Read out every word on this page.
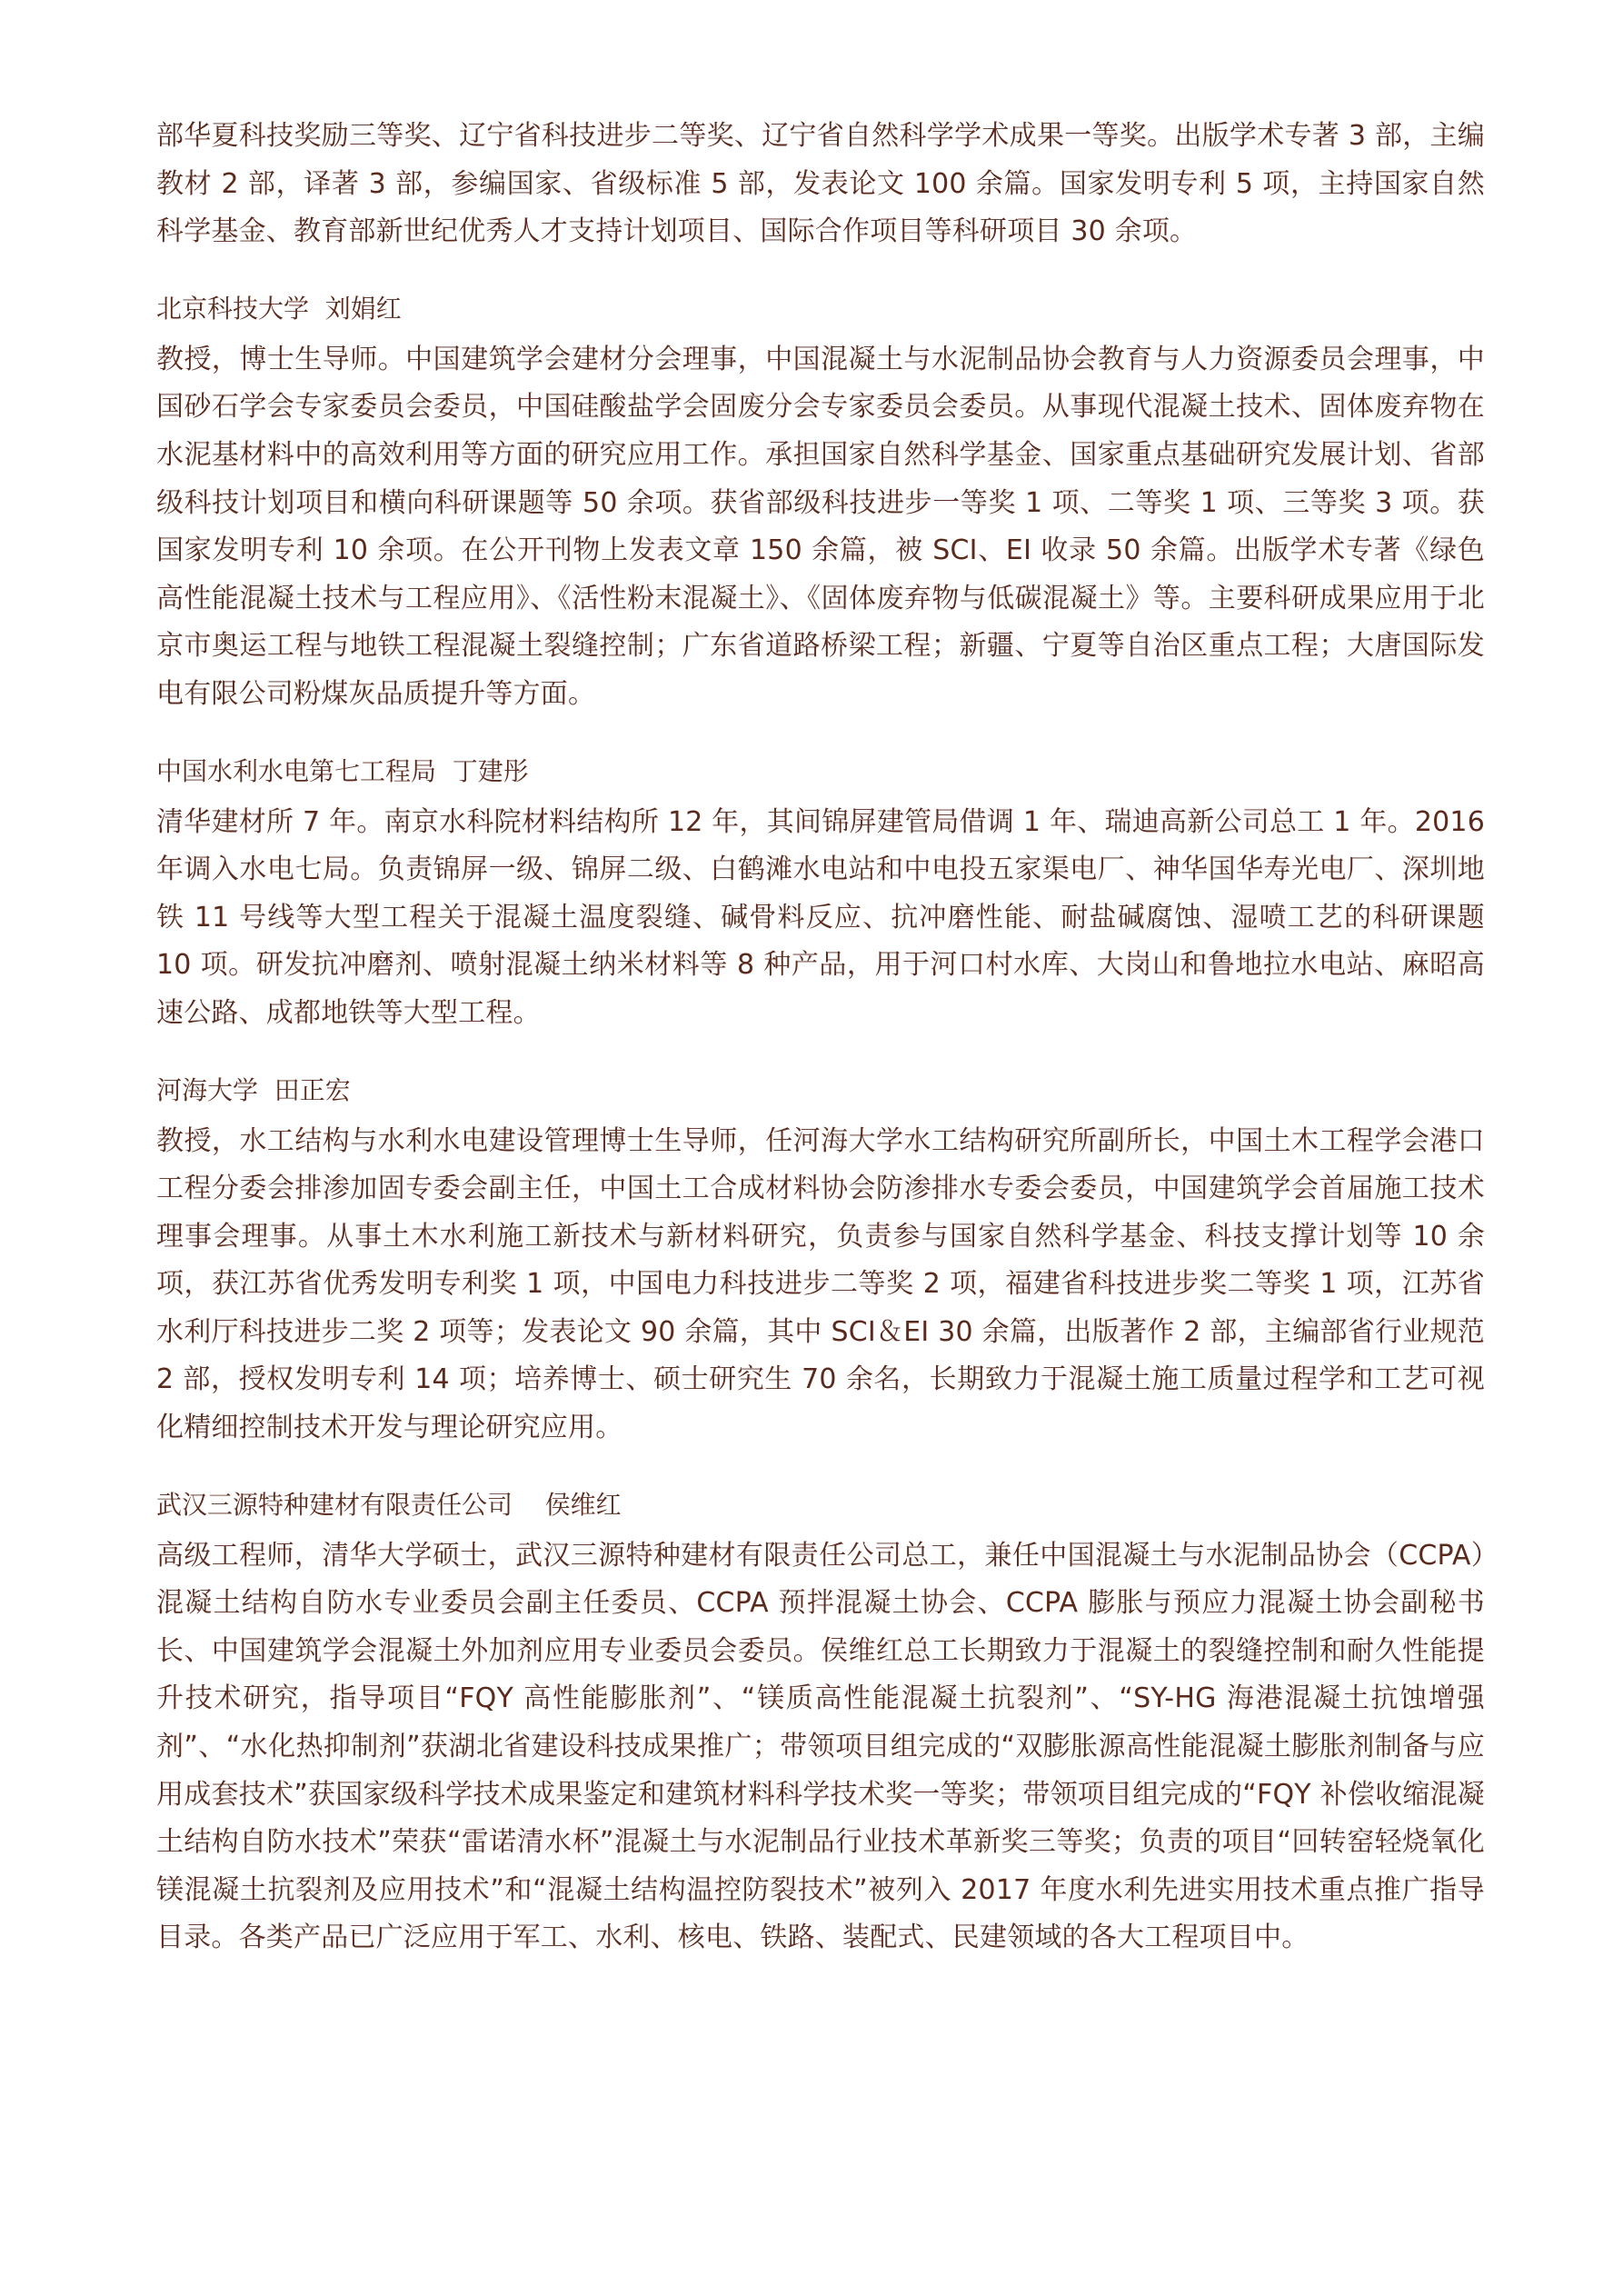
部华夏科技奖励三等奖、辽宁省科技进步二等奖、辽宁省自然科学学术成果一等奖。出版学术专著 3 部，主编教材 2 部，译著 3 部，参编国家、省级标准 5 部，发表论文 100 余篇。国家发明专利 5 项，主持国家自然科学基金、教育部新世纪优秀人才支持计划项目、国际合作项目等科研项目 30 余项。

北京科技大学  刘娟红

教授，博士生导师。中国建筑学会建材分会理事，中国混凝土与水泥制品协会教育与人力资源委员会理事，中国砂石学会专家委员会委员，中国硅酸盐学会固废分会专家委员会委员。从事现代混凝土技术、固体废弃物在水泥基材料中的高效利用等方面的研究应用工作。承担国家自然科学基金、国家重点基础研究发展计划、省部级科技计划项目和横向科研课题等 50 余项。获省部级科技进步一等奖 1 项、二等奖 1 项、三等奖 3 项。获国家发明专利 10 余项。在公开刊物上发表文章 150 余篇，被 SCI、EI 收录 50 余篇。出版学术专著《绿色高性能混凝土技术与工程应用》、《活性粉末混凝土》、《固体废弃物与低碳混凝土》等。主要科研成果应用于北京市奥运工程与地铁工程混凝土裂缝控制；广东省道路桥梁工程；新疆、宁夏等自治区重点工程；大唐国际发电有限公司粉煤灰品质提升等方面。

中国水利水电第七工程局  丁建彤

清华建材所 7 年。南京水科院材料结构所 12 年，其间锦屏建管局借调 1 年、瑞迪高新公司总工 1 年。2016 年调入水电七局。负责锦屏一级、锦屏二级、白鹤滩水电站和中电投五家渠电厂、神华国华寿光电厂、深圳地铁 11 号线等大型工程关于混凝土温度裂缝、碱骨料反应、抗冲磨性能、耐盐碱腐蚀、湿喷工艺的科研课题 10 项。研发抗冲磨剂、喷射混凝土纳米材料等 8 种产品，用于河口村水库、大岗山和鲁地拉水电站、麻昭高速公路、成都地铁等大型工程。

河海大学  田正宏

教授，水工结构与水利水电建设管理博士生导师，任河海大学水工结构研究所副所长，中国土木工程学会港口工程分委会排渗加固专委会副主任，中国土工合成材料协会防渗排水专委会委员，中国建筑学会首届施工技术理事会理事。从事土木水利施工新技术与新材料研究，负责参与国家自然科学基金、科技支撑计划等 10 余项，获江苏省优秀发明专利奖 1 项，中国电力科技进步二等奖 2 项，福建省科技进步奖二等奖 1 项，江苏省水利厅科技进步二奖 2 项等；发表论文 90 余篇，其中 SCI＆EI 30 余篇，出版著作 2 部，主编部省行业规范 2 部，授权发明专利 14 项；培养博士、硕士研究生 70 余名，长期致力于混凝土施工质量过程学和工艺可视化精细控制技术开发与理论研究应用。

武汉三源特种建材有限责任公司    侯维红

高级工程师，清华大学硕士，武汉三源特种建材有限责任公司总工，兼任中国混凝土与水泥制品协会（CCPA）混凝土结构自防水专业委员会副主任委员、CCPA 预拌混凝土协会、CCPA 膨胀与预应力混凝土协会副秘书长、中国建筑学会混凝土外加剂应用专业委员会委员。侯维红总工长期致力于混凝土的裂缝控制和耐久性能提升技术研究，指导项目“FQY 高性能膨胀剂”、“镁质高性能混凝土抗裂剂”、“SY-HG 海港混凝土抗蚀增强剂”、“水化热抑制剂”获湖北省建设科技成果推广；带领项目组完成的“双膨胀源高性能混凝土膨胀剂制备与应用成套技术”获国家级科学技术成果鉴定和建筑材料科学技术奖一等奖；带领项目组完成的“FQY 补偿收缩混凝土结构自防水技术”荣获“雷诺清水杯”混凝土与水泥制品行业技术革新奖三等奖；负责的项目“回转窑轻烧氧化镁混凝土抗裂剂及应用技术”和“混凝土结构温控防裂技术”被列入 2017 年度水利先进实用技术重点推广指导目录。各类产品已广泛应用于军工、水利、核电、铁路、装配式、民建领域的各大工程项目中。
